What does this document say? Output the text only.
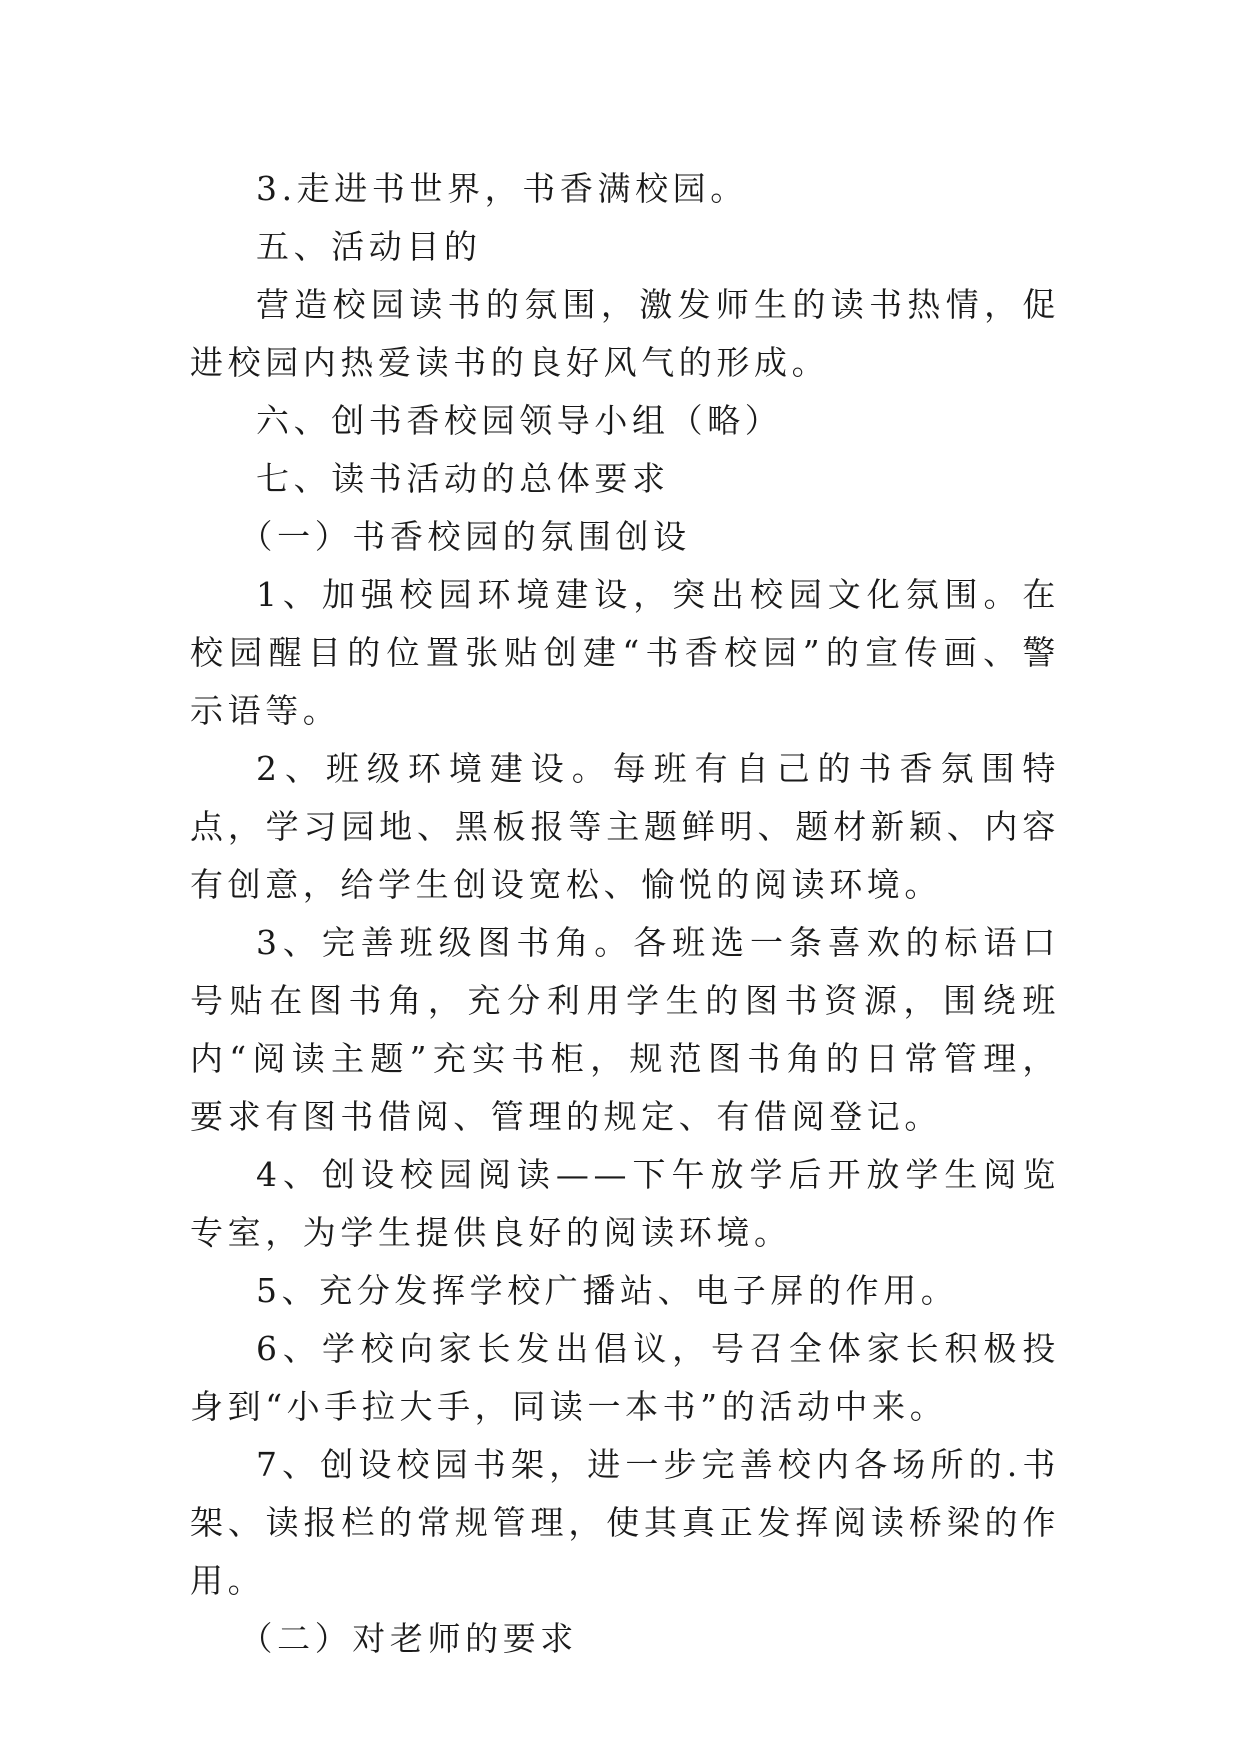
3.走进书世界，书香满校园。

五、活动目的

营造校园读书的氛围，激发师生的读书热情，促进校园内热爱读书的良好风气的形成。

六、创书香校园领导小组（略）

七、读书活动的总体要求

（一）书香校园的氛围创设

1、加强校园环境建设，突出校园文化氛围。在校园醒目的位置张贴创建“书香校园”的宣传画、警示语等。

2、班级环境建设。每班有自己的书香氛围特点，学习园地、黑板报等主题鲜明、题材新颖、内容有创意，给学生创设宽松、愉悦的阅读环境。

3、完善班级图书角。各班选一条喜欢的标语口号贴在图书角，充分利用学生的图书资源，围绕班内“阅读主题”充实书柜，规范图书角的日常管理，要求有图书借阅、管理的规定、有借阅登记。

4、创设校园阅读——下午放学后开放学生阅览专室，为学生提供良好的阅读环境。

5、充分发挥学校广播站、电子屏的作用。

6、学校向家长发出倡议，号召全体家长积极投身到“小手拉大手，同读一本书”的活动中来。

7、创设校园书架，进一步完善校内各场所的.书架、读报栏的常规管理，使其真正发挥阅读桥梁的作用。

（二）对老师的要求
